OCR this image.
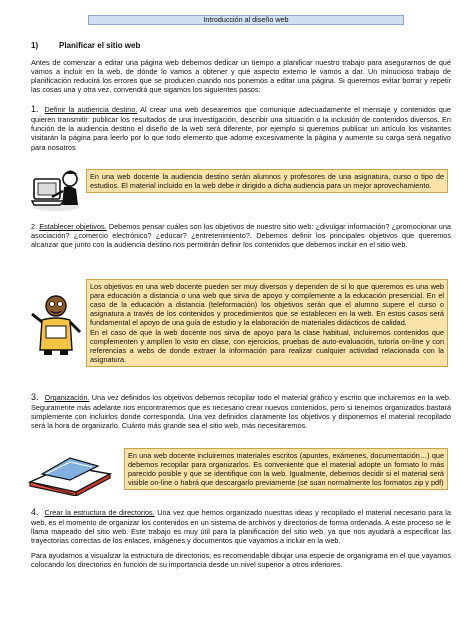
Introducción al diseño web
1)	Planificar el sitio web

Antes de comenzar a editar una página web debemos dedicar un tiempo a planificar nuestro trabajo para asegurarnos de qué vamos a incluir en la web, de dónde lo vamos a obtener y qué aspecto externo le vamos a dar. Un minucioso trabajo de planificación reducirá los errores que se producen cuando nos ponemos a editar una página. Si queremos evitar borrar y repetir las cosas una y otra vez, convendrá que sigamos los siguientes pasos:

1. Definir la audiencia destino. Al crear una web desearemos que comunique adecuadamente el mensaje y contenidos que quieren transmitir: publicar los resultados de una investigación, describir una situación o la inclusión de contenidos diversos. En función de la audiencia destino el diseño de la web será diferente, por ejemplo si queremos publicar un artículo los visitantes visitarán la página para leerlo por lo que todo elemento que adorne excesivamente la página y aumente su carga será negativo para nosotros

En una web docente la audiencia destino serán alumnos y profesores de una asignatura, curso o tipo de estudios. El material incluido en la web debe ir dirigido a dicha audiencia para un mejor aprovechamiento.

2. Establecer objetivos. Debemos pensar cuáles son los objetivos de nuestro sitio web: ¿divulgar información? ¿promocionar una asociación? ¿comercio electrónico? ¿educar? ¿entretenimiento?. Debemos definir los principales objetivos que queremos alcanzar que junto con la audiencia destino nos permitirán definir los contenidos que debemos incluir en el sitio web.

Los objetivos en una web docente pueden ser muy diversos y dependen de si lo que queremos es una web para educación a distancia o una web que sirva de apoyo y complemente a la educación presencial. En el caso de la educación a distancia (teleformación) los objetivos serán que el alumno supere el curso o asignatura a través de los contenidos y procedimientos que se establecen en la web. En estos casos será fundamental el apoyo de una guía de estudio y la elaboración de materiales didácticos de calidad.

En el caso de que la web docente nos sirva de apoyo para la clase habitual, incluiremos contenidos que complementen y amplíen lo visto en clase, con ejercicios, pruebas de auto-evaluación, tutoría on-line y con referencias a webs de donde extraer la información para realizar cualquier actividad relacionada con la asignatura.

3. Organización. Una vez definidos los objetivos debemos recopilar todo el material gráfico y escrito que incluiremos en la web. Seguramente más adelante nos encontraremos que es necesario crear nuevos contenidos, pero si tenemos organizados bastará simplemente con incluirlos donde corresponda. Una vez definidos claramente los objetivos y disponemos el material recopilado será la hora de organizarlo. Cuánto más grande sea el sitio web, más necesitaremos.

En una web docente incluiremos materiales escritos (apuntes, exámenes, documentación…) que debemos recopilar para organizarlos. Es conveniente que el material adopte un formato lo más parecido posible y que se identifique con la web. Igualmente, debemos decidir si el material será visible on-line o habrá que descargarlo previamente (se suan normalmente los formatos zip y pdf)

4. Crear la estructura de directorios. Una vez que hemos organizado nuestras ideas y recopilado el material necesario para la web, es el momento de organizar los contenidos en un sistema de archivos y directorios de forma ordenada. A este proceso se le llama mapeado del sitio web. Este trabajo es muy útil para la planificación del sitio web, ya que nos ayudará a especificar las trayectorias correctas de los enlaces, imágenes y documentos que vayamos a incluir en la web.

Para ayudarnos a visualizar la estructura de directorios, es recomendable dibujar una especie de organigrama en el que vayamos colocando los directorios en función de su importancia desde un nivel superior a otros inferiores.
